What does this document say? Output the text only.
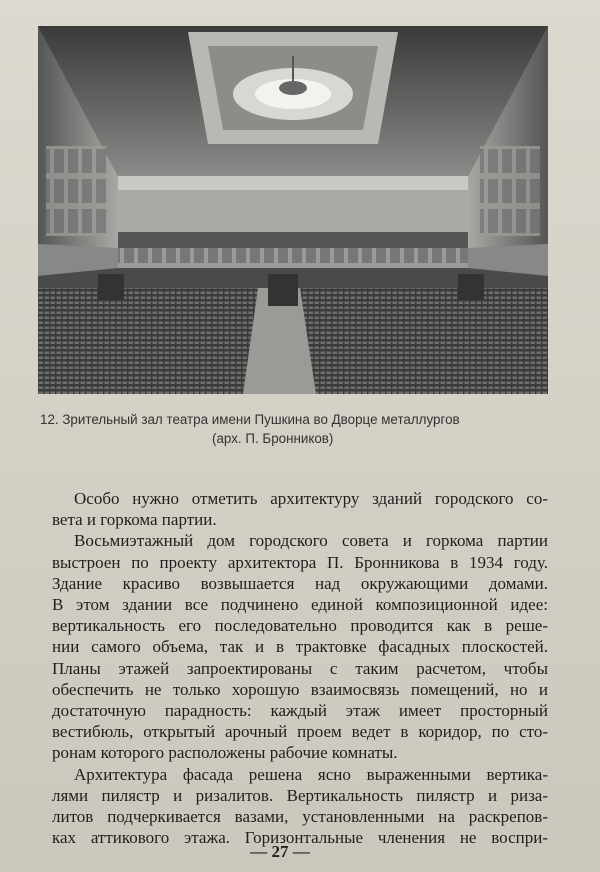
12. Зрительный зал театра имени Пушкина во Дворце металлургов
(арх. П. Бронников)
Особо нужно отметить архитектуру зданий городского со-
вета и горкома партии.
Восьмиэтажный дом городского совета и горкома партии
выстроен по проекту архитектора П. Бронникова в 1934 году.
Здание красиво возвышается над окружающими домами.
В этом здании все подчинено единой композиционной идее:
вертикальность его последовательно проводится как в реше-
нии самого объема, так и в трактовке фасадных плоскостей.
Планы этажей запроектированы с таким расчетом, чтобы
обеспечить не только хорошую взаимосвязь помещений, но и
достаточную парадность: каждый этаж имеет просторный
вестибюль, открытый арочный проем ведет в коридор, по сто-
ронам которого расположены рабочие комнаты.
Архитектура фасада решена ясно выраженными вертика-
лями пилястр и ризалитов. Вертикальность пилястр и риза-
литов подчеркивается вазами, установленными на раскрепов-
ках аттикового этажа. Горизонтальные членения не воспри-
— 27 —
